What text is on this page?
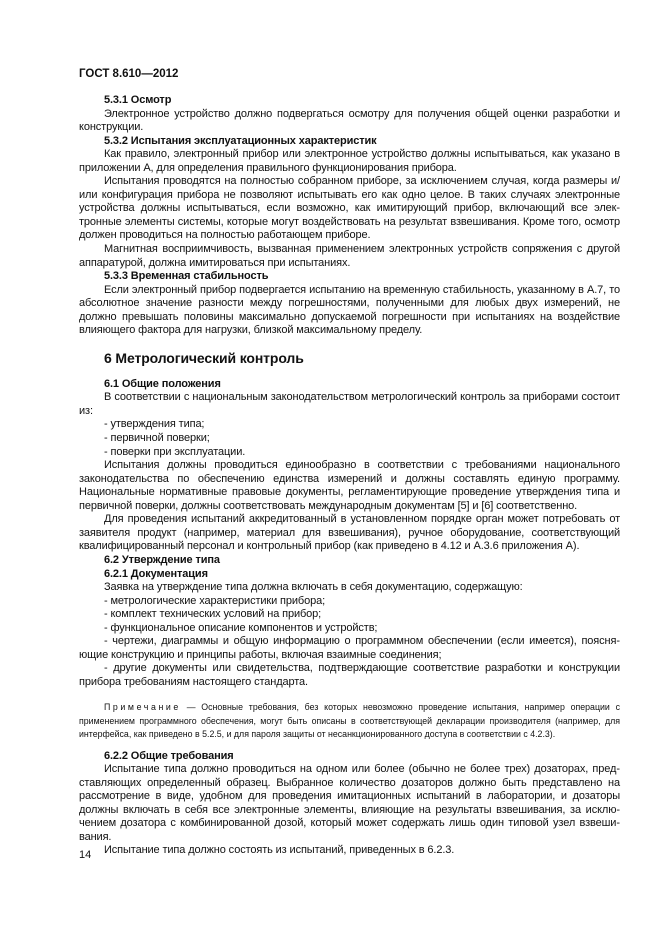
ГОСТ 8.610—2012
5.3.1 Осмотр

Электронное устройство должно подвергаться осмотру для получения общей оценки разработки и конструкции.

5.3.2 Испытания эксплуатационных характеристик

Как правило, электронный прибор или электронное устройство должны испытываться, как указано в приложении А, для определения правильного функционирования прибора.

Испытания проводятся на полностью собранном приборе, за исключением случая, когда размеры и/или конфигурация прибора не позволяют испытывать его как одно целое. В таких случаях электронные устройства должны испытываться, если возможно, как имитирующий прибор, включающий все электронные элементы системы, которые могут воздействовать на результат взвешивания. Кроме того, осмотр должен проводиться на полностью работающем приборе.

Магнитная восприимчивость, вызванная применением электронных устройств сопряжения с другой аппаратурой, должна имитироваться при испытаниях.

5.3.3 Временная стабильность

Если электронный прибор подвергается испытанию на временную стабильность, указанному в А.7, то абсолютное значение разности между погрешностями, полученными для любых двух измерений, не должно превышать половины максимально допускаемой погрешности при испытаниях на воздействие влияющего фактора для нагрузки, близкой максимальному пределу.

6 Метрологический контроль
6.1 Общие положения

В соответствии с национальным законодательством метрологический контроль за приборами состоит из:

- утверждения типа;

- первичной поверки;

- поверки при эксплуатации.

Испытания должны проводиться единообразно в соответствии с требованиями национального законодательства по обеспечению единства измерений и должны составлять единую программу. Национальные нормативные правовые документы, регламентирующие проведение утверждения типа и первичной поверки, должны соответствовать международным документам [5] и [6] соответственно.

Для проведения испытаний аккредитованный в установленном порядке орган может потребовать от заявителя продукт (например, материал для взвешивания), ручное оборудование, соответствующий квалифицированный персонал и контрольный прибор (как приведено в 4.12 и А.3.6 приложения А).

6.2 Утверждение типа
6.2.1 Документация

Заявка на утверждение типа должна включать в себя документацию, содержащую:

- метрологические характеристики прибора;

- комплект технических условий на прибор;

- функциональное описание компонентов и устройств;

- чертежи, диаграммы и общую информацию о программном обеспечении (если имеется), поясняющие конструкцию и принципы работы, включая взаимные соединения;

- другие документы или свидетельства, подтверждающие соответствие разработки и конструкции прибора требованиям настоящего стандарта.

Примечание — Основные требования, без которых невозможно проведение испытания, например операции с применением программного обеспечения, могут быть описаны в соответствующей декларации производителя (например, для интерфейса, как приведено в 5.2.5, и для пароля защиты от несанкционированного доступа в соответствии с 4.2.3).

6.2.2 Общие требования

Испытание типа должно проводиться на одном или более (обычно не более трех) дозаторах, представляющих определенный образец. Выбранное количество дозаторов должно быть представлено на рассмотрение в виде, удобном для проведения имитационных испытаний в лаборатории, и дозаторы должны включать в себя все электронные элементы, влияющие на результаты взвешивания, за исключением дозатора с комбинированной дозой, который может содержать лишь один типовой узел взвешивания.

Испытание типа должно состоять из испытаний, приведенных в 6.2.3.

14
